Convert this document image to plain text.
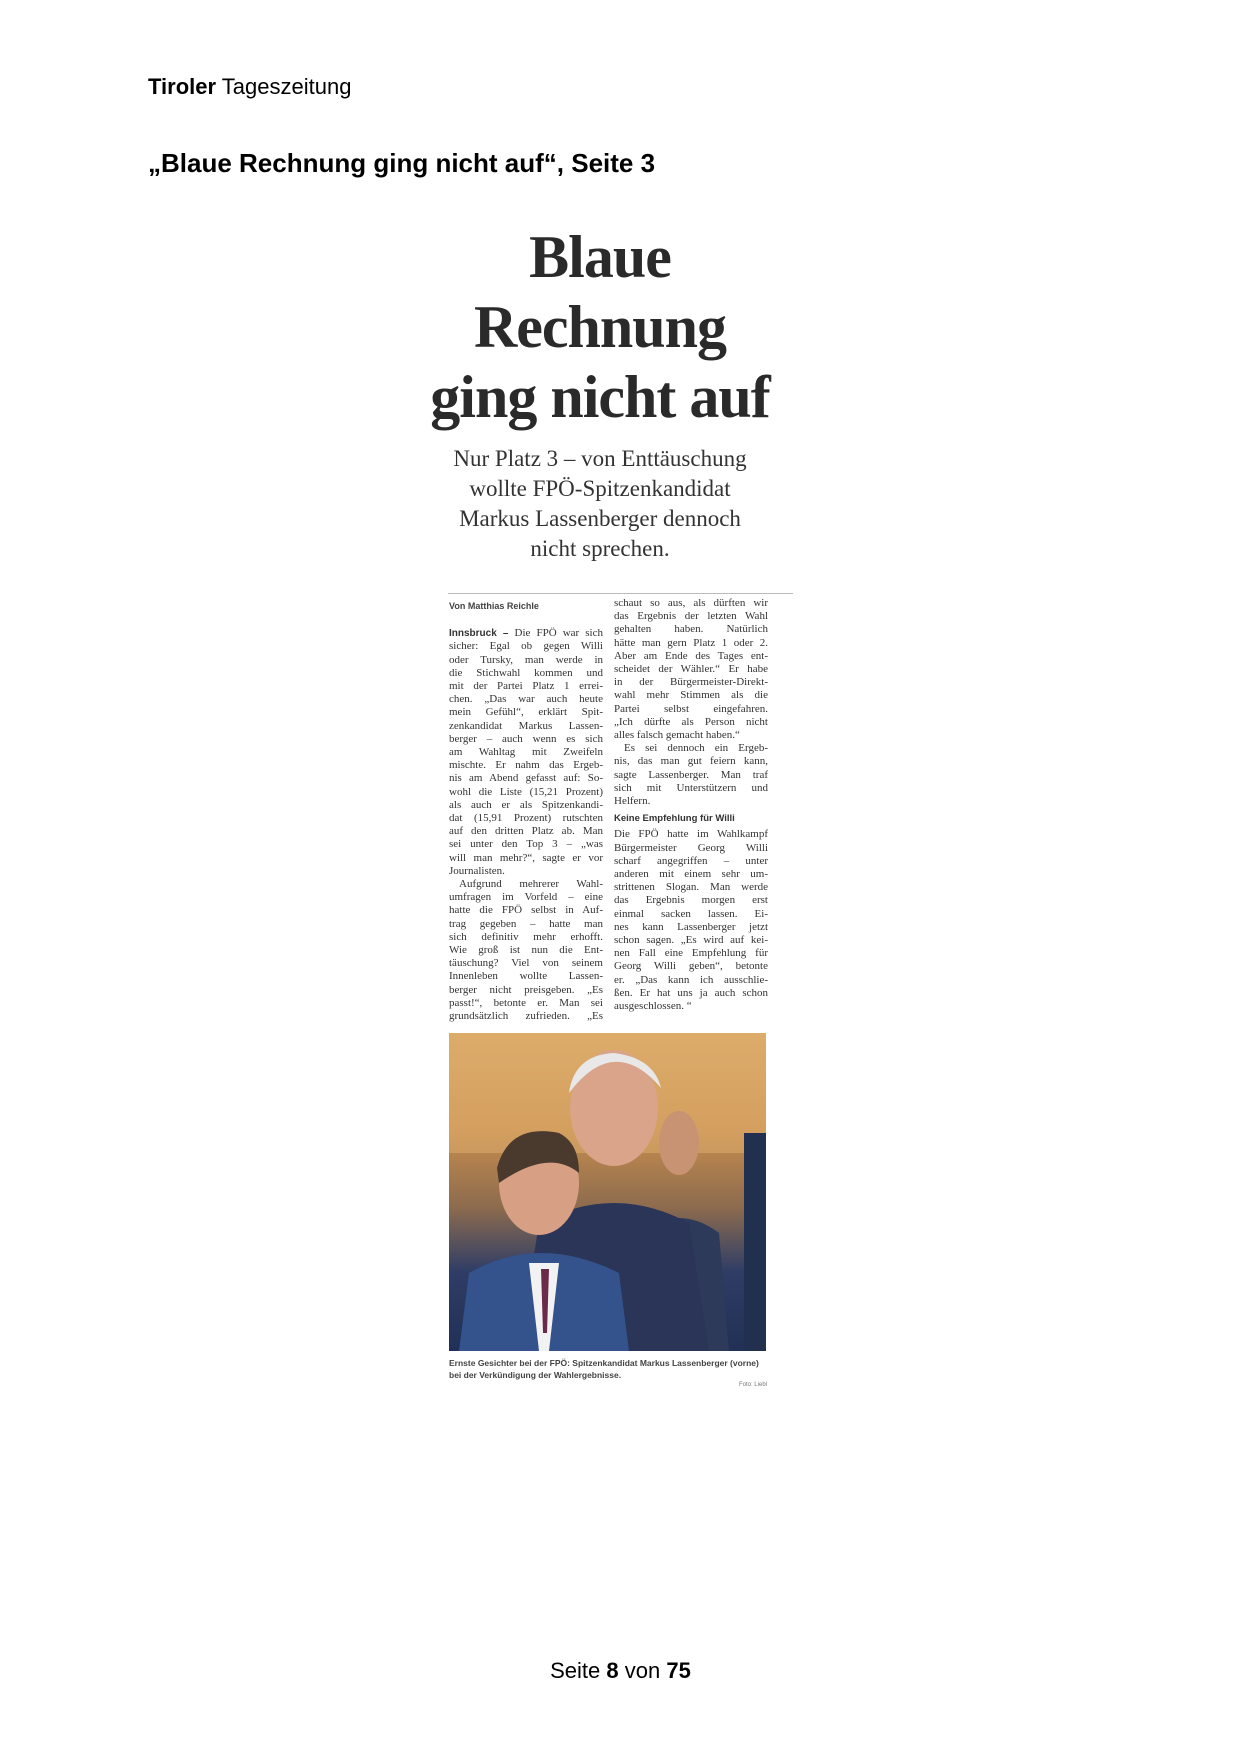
Tiroler Tageszeitung
„Blaue Rechnung ging nicht auf“, Seite 3
Blaue
Rechnung
ging nicht auf
Nur Platz 3 – von Enttäuschung
wollte FPÖ-Spitzenkandidat
Markus Lassenberger dennoch
nicht sprechen.
Von Matthias Reichle
Innsbruck – Die FPÖ war sich
sicher: Egal ob gegen Willi
oder Tursky, man werde in
die Stichwahl kommen und
mit der Partei Platz 1 errei-
chen. „Das war auch heute
mein Gefühl“, erklärt Spit-
zenkandidat Markus Lassen-
berger – auch wenn es sich
am Wahltag mit Zweifeln
mischte. Er nahm das Ergeb-
nis am Abend gefasst auf: So-
wohl die Liste (15,21 Prozent)
als auch er als Spitzenkandi-
dat (15,91 Prozent) rutschten
auf den dritten Platz ab. Man
sei unter den Top 3 – „was
will man mehr?“, sagte er vor
Journalisten.
Aufgrund mehrerer Wahl-
umfragen im Vorfeld – eine
hatte die FPÖ selbst in Auf-
trag gegeben – hatte man
sich definitiv mehr erhofft.
Wie groß ist nun die Ent-
täuschung? Viel von seinem
Innenleben wollte Lassen-
berger nicht preisgeben. „Es
passt!“, betonte er. Man sei
grundsätzlich zufrieden. „Es
schaut so aus, als dürften wir
das Ergebnis der letzten Wahl
gehalten haben. Natürlich
hätte man gern Platz 1 oder 2.
Aber am Ende des Tages ent-
scheidet der Wähler.“ Er habe
in der Bürgermeister-Direkt-
wahl mehr Stimmen als die
Partei selbst eingefahren.
„Ich dürfte als Person nicht
alles falsch gemacht haben.“
Es sei dennoch ein Ergeb-
nis, das man gut feiern kann,
sagte Lassenberger. Man traf
sich mit Unterstützern und
Helfern.
Keine Empfehlung für Willi
Die FPÖ hatte im Wahlkampf
Bürgermeister Georg Willi
scharf angegriffen – unter
anderen mit einem sehr um-
strittenen Slogan. Man werde
das Ergebnis morgen erst
einmal sacken lassen. Ei-
nes kann Lassenberger jetzt
schon sagen. „Es wird auf kei-
nen Fall eine Empfehlung für
Georg Willi geben“, betonte
er. „Das kann ich ausschlie-
ßen. Er hat uns ja auch schon
ausgeschlossen. “
Ernste Gesichter bei der FPÖ: Spitzenkandidat Markus Lassenberger (vorne) bei der Verkündigung der Wahlergebnisse.
Foto: Liebl
Seite 8 von 75
